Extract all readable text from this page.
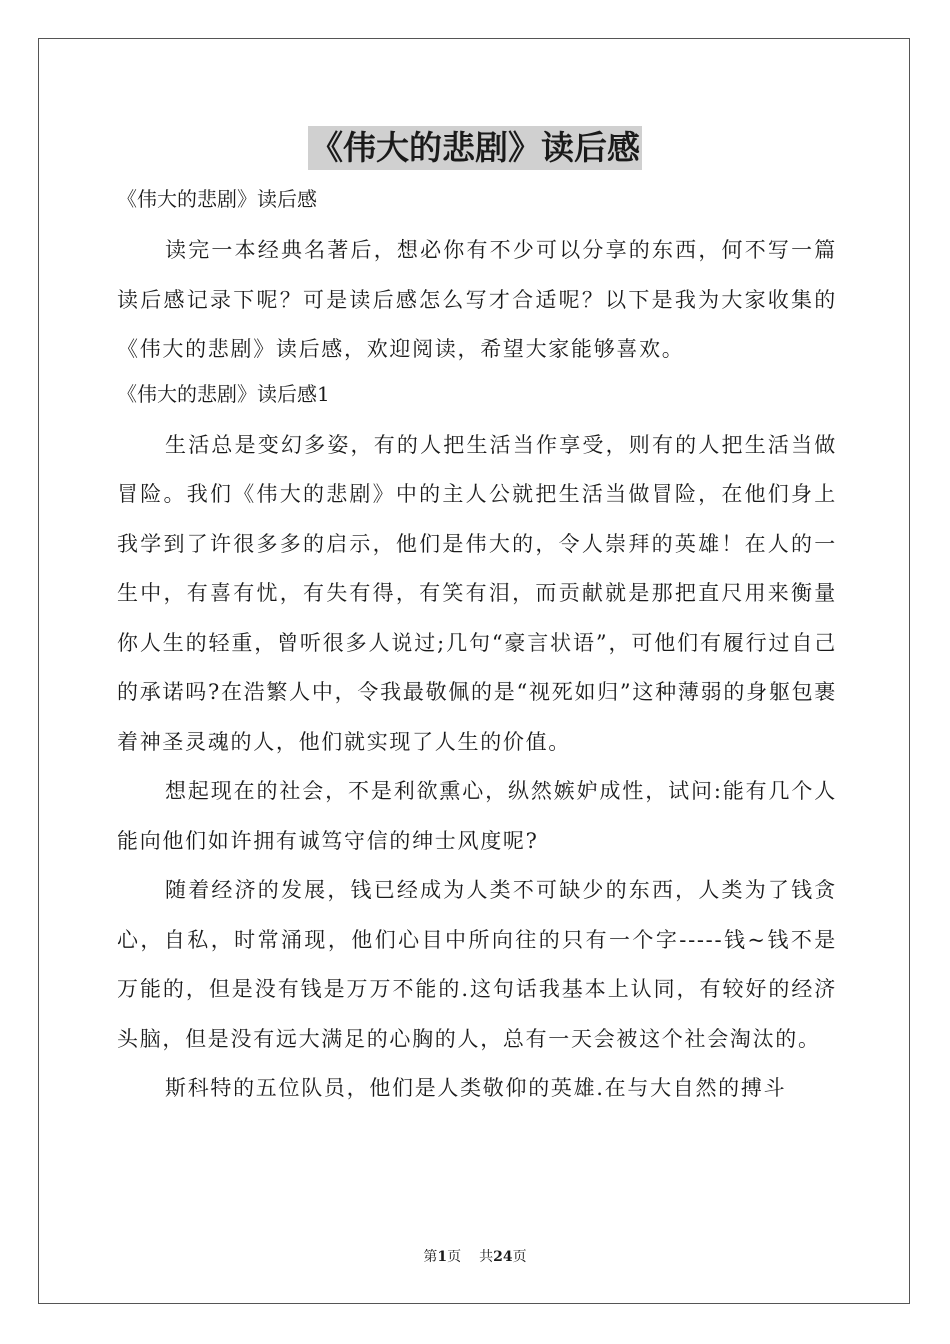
《伟大的悲剧》读后感

《伟大的悲剧》读后感

读完一本经典名著后，想必你有不少可以分享的东西，何不写一篇读后感记录下呢？可是读后感怎么写才合适呢？以下是我为大家收集的《伟大的悲剧》读后感，欢迎阅读，希望大家能够喜欢。

《伟大的悲剧》读后感1

生活总是变幻多姿，有的人把生活当作享受，则有的人把生活当做冒险。我们《伟大的悲剧》中的主人公就把生活当做冒险，在他们身上我学到了许很多多的启示，他们是伟大的，令人崇拜的英雄！在人的一生中，有喜有忧，有失有得，有笑有泪，而贡献就是那把直尺用来衡量你人生的轻重，曾听很多人说过;几句“豪言状语”，可他们有履行过自己的承诺吗?在浩繁人中，令我最敬佩的是“视死如归”这种薄弱的身躯包裹着神圣灵魂的人，他们就实现了人生的价值。

想起现在的社会，不是利欲熏心，纵然嫉妒成性，试问:能有几个人能向他们如许拥有诚笃守信的绅士风度呢?

随着经济的发展，钱已经成为人类不可缺少的东西，人类为了钱贪心，自私，时常涌现，他们心目中所向往的只有一个字-----钱~钱不是万能的，但是没有钱是万万不能的.这句话我基本上认同，有较好的经济头脑，但是没有远大满足的心胸的人，总有一天会被这个社会淘汰的。

斯科特的五位队员，他们是人类敬仰的英雄.在与大自然的搏斗

第1页 共24页
